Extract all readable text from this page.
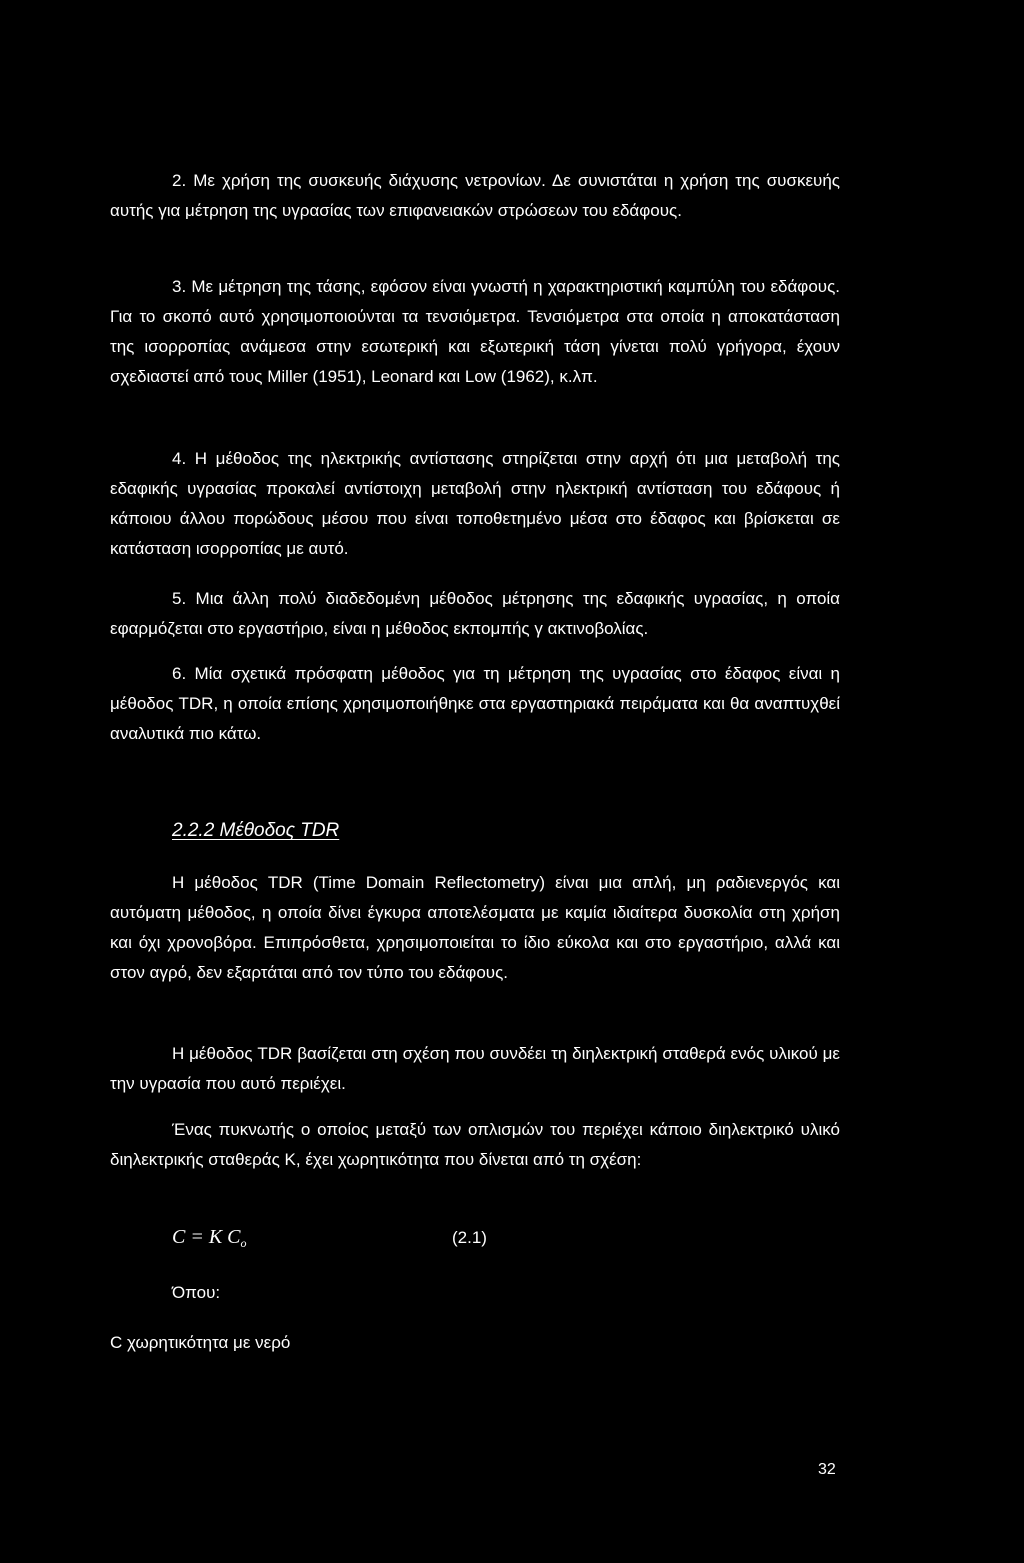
2. Με χρήση της συσκευής διάχυσης νετρονίων. Δε συνιστάται η χρήση της συσκευής αυτής για μέτρηση της υγρασίας των επιφανειακών στρώσεων του εδάφους.
3. Με μέτρηση της τάσης, εφόσον είναι γνωστή η χαρακτηριστική καμπύλη του εδάφους. Για το σκοπό αυτό χρησιμοποιούνται τα τενσιόμετρα. Τενσιόμετρα στα οποία η αποκατάσταση της ισορροπίας ανάμεσα στην εσωτερική και εξωτερική τάση γίνεται πολύ γρήγορα, έχουν σχεδιαστεί από τους Miller (1951), Leonard και Low (1962), κ.λπ.
4. Η μέθοδος της ηλεκτρικής αντίστασης στηρίζεται στην αρχή ότι μια μεταβολή της εδαφικής υγρασίας προκαλεί αντίστοιχη μεταβολή στην ηλεκτρική αντίσταση του εδάφους ή κάποιου άλλου πορώδους μέσου που είναι τοποθετημένο μέσα στο έδαφος και βρίσκεται σε κατάσταση ισορροπίας με αυτό.
5. Μια άλλη πολύ διαδεδομένη μέθοδος μέτρησης της εδαφικής υγρασίας, η οποία εφαρμόζεται στο εργαστήριο, είναι η μέθοδος εκπομπής γ ακτινοβολίας.
6. Μία σχετικά πρόσφατη μέθοδος για τη μέτρηση της υγρασίας στο έδαφος είναι η μέθοδος TDR, η οποία επίσης χρησιμοποιήθηκε στα εργαστηριακά πειράματα και θα αναπτυχθεί αναλυτικά πιο κάτω.
2.2.2 Μέθοδος TDR
Η μέθοδος TDR (Time Domain Reflectometry) είναι μια απλή, μη ραδιενεργός και αυτόματη μέθοδος, η οποία δίνει έγκυρα αποτελέσματα με καμία ιδιαίτερα δυσκολία στη χρήση και όχι χρονοβόρα. Επιπρόσθετα, χρησιμοποιείται το ίδιο εύκολα και στο εργαστήριο, αλλά και στον αγρό, δεν εξαρτάται από τον τύπο του εδάφους.
Η μέθοδος TDR βασίζεται στη σχέση που συνδέει τη διηλεκτρική σταθερά ενός υλικού με την υγρασία που αυτό περιέχει.
Ένας πυκνωτής ο οποίος μεταξύ των οπλισμών του περιέχει κάποιο διηλεκτρικό υλικό διηλεκτρικής σταθεράς Κ, έχει χωρητικότητα που δίνεται από τη σχέση:
C = K $C_o$	(2.1)
Όπου:
C χωρητικότητα με νερό
32
